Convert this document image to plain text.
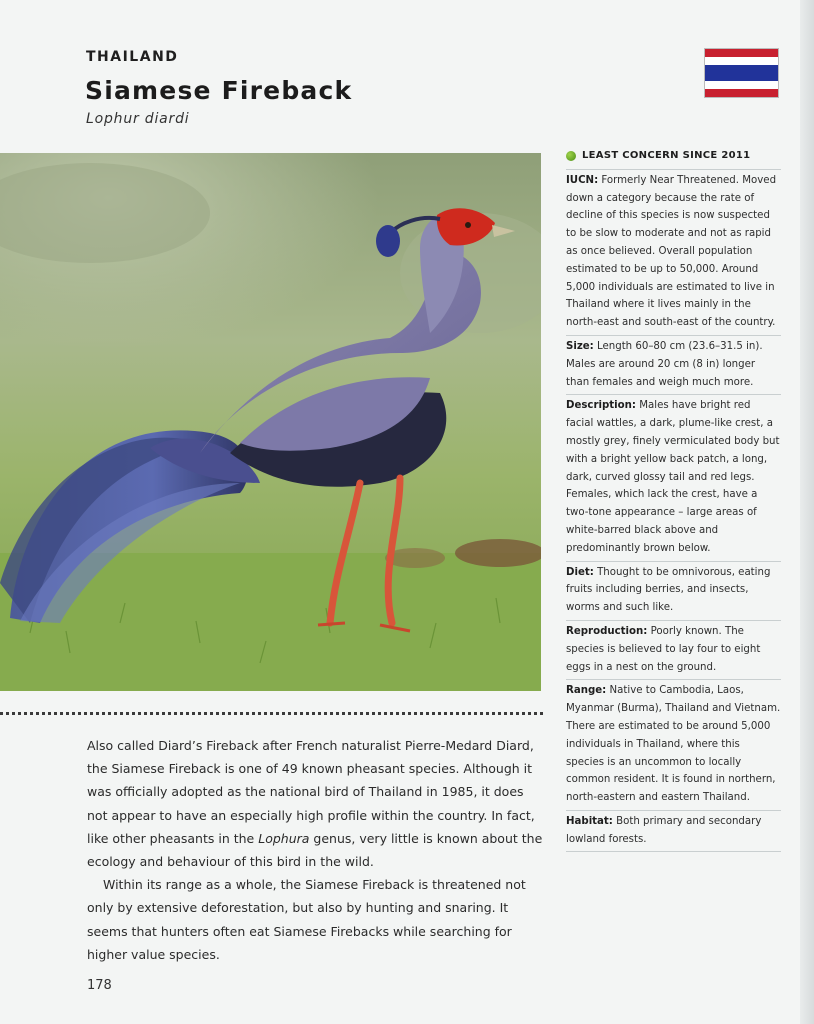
THAILAND
Siamese Fireback
Lophur diardi

Also called Diard’s Fireback after French naturalist Pierre-Medard Diard, the Siamese Fireback is one of 49 known pheasant species. Although it was officially adopted as the national bird of Thailand in 1985, it does not appear to have an especially high profile within the country. In fact, like other pheasants in the Lophura genus, very little is known about the ecology and behaviour of this bird in the wild.

Within its range as a whole, the Siamese Fireback is threatened not only by extensive deforestation, but also by hunting and snaring. It seems that hunters often eat Siamese Firebacks while searching for higher value species.

178
LEAST CONCERN SINCE 2011
IUCN: Formerly Near Threatened. Moved down a category because the rate of decline of this species is now suspected to be slow to moderate and not as rapid as once believed. Overall population estimated to be up to 50,000. Around 5,000 individuals are estimated to live in Thailand where it lives mainly in the north-east and south-east of the country.
Size: Length 60–80 cm (23.6–31.5 in). Males are around 20 cm (8 in) longer than females and weigh much more.
Description: Males have bright red facial wattles, a dark, plume-like crest, a mostly grey, finely vermiculated body but with a bright yellow back patch, a long, dark, curved glossy tail and red legs. Females, which lack the crest, have a two-tone appearance – large areas of white-barred black above and predominantly brown below.
Diet: Thought to be omnivorous, eating fruits including berries, and insects, worms and such like.
Reproduction: Poorly known. The species is believed to lay four to eight eggs in a nest on the ground.
Range: Native to Cambodia, Laos, Myanmar (Burma), Thailand and Vietnam. There are estimated to be around 5,000 individuals in Thailand, where this species is an uncommon to locally common resident. It is found in northern, north-eastern and eastern Thailand.
Habitat: Both primary and secondary lowland forests.
